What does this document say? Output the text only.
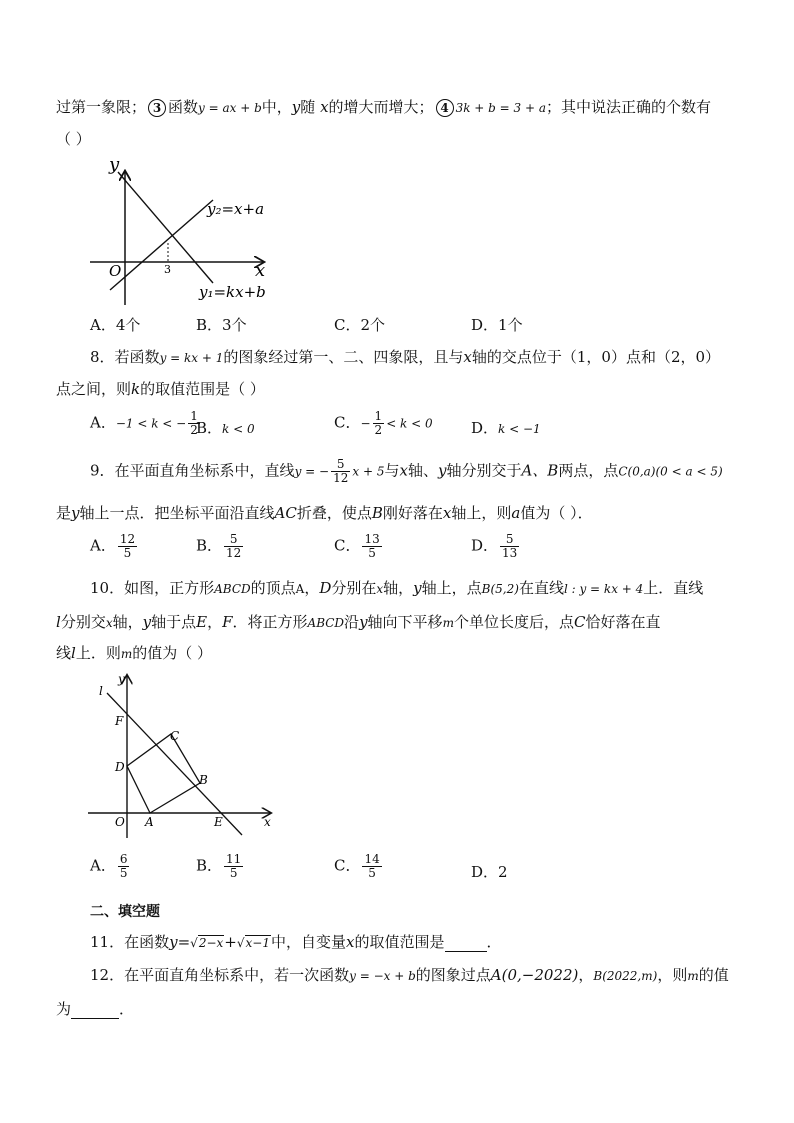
过第一象限； 3 函数y = ax + b中，y随 x的增大而增大； 4 3k + b = 3 + a；其中说法正确的个数有
（ ）
y
x
O	3
y₂=x+a
y₁=kx+b
A．4个	B．3个	C．2个	D．1个
8．若函数y = kx + 1的图象经过第一、二、四象限，且与x轴的交点位于（1，0）点和（2，0）
点之间，则k的取值范围是（ ）
A．−1 < k < − $\frac{1}{2}$
B．k < 0	C．− $\frac{1}{2} < k < 0$	D．k < −1
9．在平面直角坐标系中，直线y = − $\frac{5}{12}$ x + 5与x轴、y轴分别交于A、B两点，点C(0,a)(0 < a < 5)
是y轴上一点．把坐标平面沿直线AC折叠，使点B刚好落在x轴上，则a值为（ ）．
A． $\frac{12}{5}$	B． $\frac{5}{12}$	C． $\frac{13}{5}$	D． $\frac{5}{13}$
10．如图，正方形ABCD的顶点A，D分别在x轴，y轴上，点B(5,2)在直线l : y = kx + 4上．直线
l分别交x轴，y轴于点E，F．将正方形ABCD沿y轴向下平移m个单位长度后，点C恰好落在直
线l上．则m的值为（ ）
l
y
x
F
C
D
B
O A	E
A． $\frac{6}{5}$	B． $\frac{11}{5}$	C． $\frac{14}{5}$	D．2
二、填空题
11．在函数y=√2−x+√x−1中，自变量x的取值范围是	．
12．在平面直角坐标系中，若一次函数y = −x + b的图象过点A(0,−2022)，B(2022,m)，则m的值
为	．
